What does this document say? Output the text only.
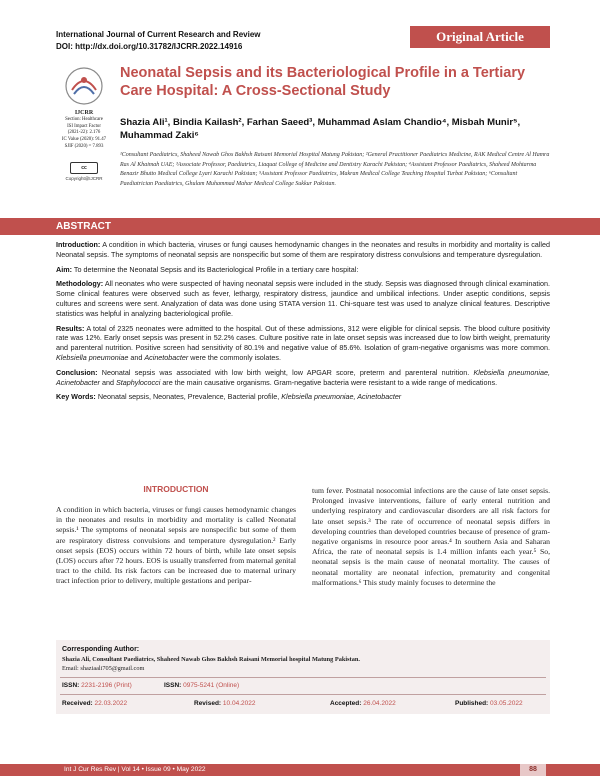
International Journal of Current Research and Review
DOI: http://dx.doi.org/10.31782/IJCRR.2022.14916
Original Article
IJCRR
Section: Healthcare
ISI Impact Factor
(2021-22): 2.176
IC Value (2020): 91.47
SJIF (2020) = 7.893
cc
Copyright@IJCRR
Neonatal Sepsis and its Bacteriological Profile in a Tertiary Care Hospital: A Cross-Sectional Study
Shazia Ali¹, Bindia Kailash², Farhan Saeed³, Muhammad Aslam Chandio⁴, Misbah Munir⁵, Muhammad Zaki⁶
¹Consultant Paediatrics, Shaheed Nawab Ghos Bakhsh Raisani Memorial Hospital Matung Pakistan; ²General Practitioner Paediatrics Medicine, RAK Medical Centre Al Hamra Ras Al Khaimah UAE; ³Associate Professor, Paediatrics, Liaquat College of Medicine and Dentistry Karachi Pakistan; ⁴Assistant Professor Paediatrics, Shaheed Mohtarma Benazir Bhutto Medical College Lyari Karachi Pakistan; ⁵Assistant Professor Paediatrics, Makran Medical College Teaching Hospital Turbat Pakistan; ⁶Consultant Paediatrician Paediatrics, Ghulam Muhammad Mahar Medical College Sukkur Pakistan.
ABSTRACT

Introduction: A condition in which bacteria, viruses or fungi causes hemodynamic changes in the neonates and results in morbidity and mortality is called Neonatal sepsis. The symptoms of neonatal sepsis are nonspecific but some of them are respiratory distress convulsions and temperature dysregulation.

Aim: To determine the Neonatal Sepsis and its Bacteriological Profile in a tertiary care hospital:

Methodology: All neonates who were suspected of having neonatal sepsis were included in the study. Sepsis was diagnosed through clinical examination. Some clinical features were observed such as fever, lethargy, respiratory distress, jaundice and umbilical infections. Under aseptic conditions, sepsis cultures and screens were sent. Analyzation of data was done using STATA version 11. Chi-square test was used to analyze clinical features. Descriptive statistics was helpful in analyzing bacteriological profile.

Results: A total of 2325 neonates were admitted to the hospital. Out of these admissions, 312 were eligible for clinical sepsis. The blood culture positivity rate was 12%. Early onset sepsis was present in 52.2% cases. Culture positive rate in late onset sepsis was increased due to low birth weight, prematurity and parenteral nutrition. Positive screen had sensitivity of 80.1% and negative value of 85.6%. Isolation of gram-negative organisms was more common. Klebsiella pneumoniae and Acinetobacter were the commonly isolates.

Conclusion: Neonatal sepsis was associated with low birth weight, low APGAR score, preterm and parenteral nutrition. Klebsiella pneumoniae, Acinetobacter and Staphylococci are the main causative organisms. Gram-negative bacteria were resistant to a wide range of medications.

Key Words: Neonatal sepsis, Neonates, Prevalence, Bacterial profile, Klebsiella pneumoniae, Acinetobacter

INTRODUCTION
A condition in which bacteria, viruses or fungi causes hemodynamic changes in the neonates and results in morbidity and mortality is called Neonatal sepsis.¹ The symptoms of neonatal sepsis are nonspecific but some of them are respiratory distress convulsions and temperature dysregulation.² Early onset sepsis (EOS) occurs within 72 hours of birth, while late onset sepsis (LOS) occurs after 72 hours. EOS is usually transferred from maternal genital tract to the child. Its risk factors can be increased due to maternal urinary tract infection prior to delivery, multiple gestations and peripar-
tum fever. Postnatal nosocomial infections are the cause of late onset sepsis. Prolonged invasive interventions, failure of early enteral nutrition and underlying respiratory and cardiovascular disorders are all risk factors for late onset sepsis.³ The rate of occurrence of neonatal sepsis differs in developing countries than developed countries because of presence of gram-negative organisms in resource poor areas.⁴ In southern Asia and Saharan Africa, the rate of neonatal sepsis is 1.4 million infants each year.⁵ So, neonatal sepsis is the main cause of neonatal mortality. The causes of neonatal mortality are neonatal infection, prematurity and congenital malformations.⁶ This study mainly focuses to determine the
Corresponding Author:
Shazia Ali, Consultant Paediatrics, Shaheed Nawab Ghos Bakhsh Raisani Memorial hospital Matung Pakistan.
Email: shaziaali705@gmail.com
ISSN: 2231-2196 (Print)	ISSN: 0975-5241 (Online)
Received: 22.03.2022	Revised: 10.04.2022	Accepted: 26.04.2022	Published: 03.05.2022
Int J Cur Res Rev | Vol 14 • Issue 09 • May 2022	88
